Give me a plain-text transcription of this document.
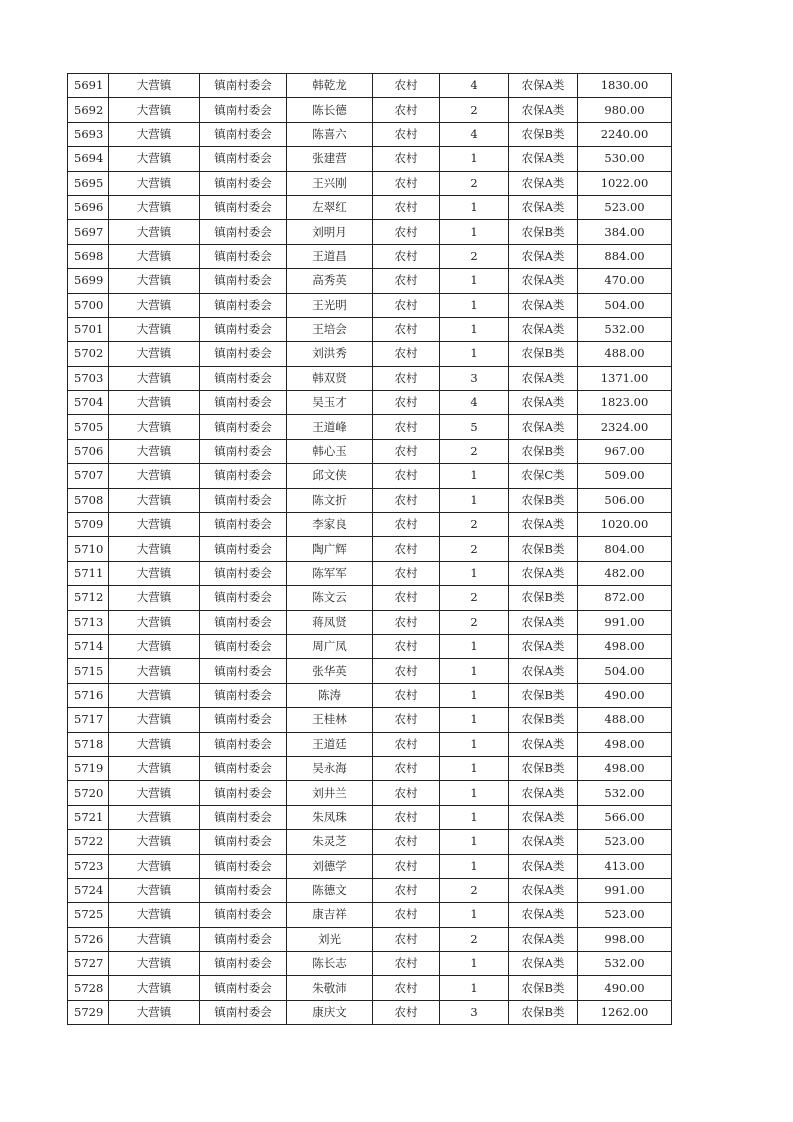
5691	大营镇	镇南村委会	韩乾龙	农村	4	农保A类	1830.00
5692	大营镇	镇南村委会	陈长德	农村	2	农保A类	980.00
5693	大营镇	镇南村委会	陈喜六	农村	4	农保B类	2240.00
5694	大营镇	镇南村委会	张建营	农村	1	农保A类	530.00
5695	大营镇	镇南村委会	王兴刚	农村	2	农保A类	1022.00
5696	大营镇	镇南村委会	左翠红	农村	1	农保A类	523.00
5697	大营镇	镇南村委会	刘明月	农村	1	农保B类	384.00
5698	大营镇	镇南村委会	王道昌	农村	2	农保A类	884.00
5699	大营镇	镇南村委会	高秀英	农村	1	农保A类	470.00
5700	大营镇	镇南村委会	王光明	农村	1	农保A类	504.00
5701	大营镇	镇南村委会	王培会	农村	1	农保A类	532.00
5702	大营镇	镇南村委会	刘洪秀	农村	1	农保B类	488.00
5703	大营镇	镇南村委会	韩双贤	农村	3	农保A类	1371.00
5704	大营镇	镇南村委会	吴玉才	农村	4	农保A类	1823.00
5705	大营镇	镇南村委会	王道峰	农村	5	农保A类	2324.00
5706	大营镇	镇南村委会	韩心玉	农村	2	农保B类	967.00
5707	大营镇	镇南村委会	邱文侠	农村	1	农保C类	509.00
5708	大营镇	镇南村委会	陈文折	农村	1	农保B类	506.00
5709	大营镇	镇南村委会	李家良	农村	2	农保A类	1020.00
5710	大营镇	镇南村委会	陶广辉	农村	2	农保B类	804.00
5711	大营镇	镇南村委会	陈军军	农村	1	农保A类	482.00
5712	大营镇	镇南村委会	陈文云	农村	2	农保B类	872.00
5713	大营镇	镇南村委会	蒋凤贤	农村	2	农保A类	991.00
5714	大营镇	镇南村委会	周广凤	农村	1	农保A类	498.00
5715	大营镇	镇南村委会	张华英	农村	1	农保A类	504.00
5716	大营镇	镇南村委会	陈涛	农村	1	农保B类	490.00
5717	大营镇	镇南村委会	王桂林	农村	1	农保B类	488.00
5718	大营镇	镇南村委会	王道廷	农村	1	农保A类	498.00
5719	大营镇	镇南村委会	吴永海	农村	1	农保B类	498.00
5720	大营镇	镇南村委会	刘井兰	农村	1	农保A类	532.00
5721	大营镇	镇南村委会	朱凤珠	农村	1	农保A类	566.00
5722	大营镇	镇南村委会	朱灵芝	农村	1	农保A类	523.00
5723	大营镇	镇南村委会	刘德学	农村	1	农保A类	413.00
5724	大营镇	镇南村委会	陈德文	农村	2	农保A类	991.00
5725	大营镇	镇南村委会	康吉祥	农村	1	农保A类	523.00
5726	大营镇	镇南村委会	刘光	农村	2	农保A类	998.00
5727	大营镇	镇南村委会	陈长志	农村	1	农保A类	532.00
5728	大营镇	镇南村委会	朱敬沛	农村	1	农保B类	490.00
5729	大营镇	镇南村委会	康庆文	农村	3	农保B类	1262.00
